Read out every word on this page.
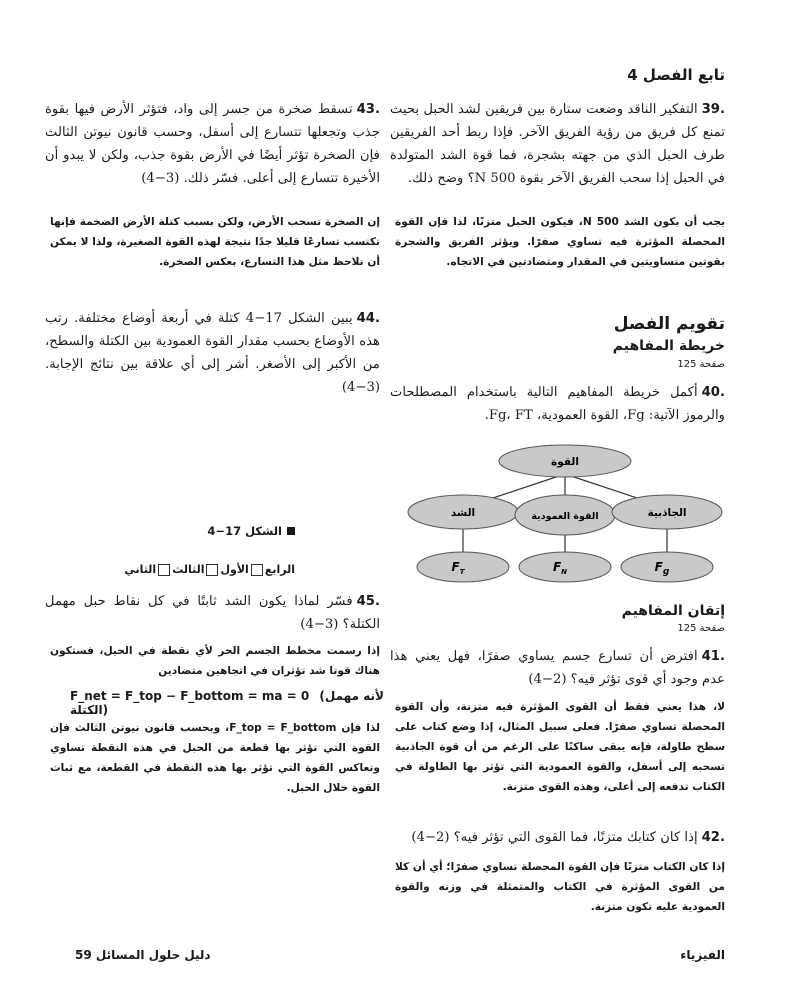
تابع الفصل 4
.39التفكير الناقد وضعت ستارة بين فريقين لشد الحبل بحيث تمنع كل فريق من رؤية الفريق الآخر. فإذا ربط أحد الفريقين طرف الحبل الذي من جهته بشجرة، فما قوة الشد المتولدة في الحبل إذا سحب الفريق الآخر بقوة N 500؟ وضح ذلك.
يجب أن يكون الشد N 500، فيكون الحبل متزنًا، لذا فإن القوة المحصلة المؤثرة فيه تساوي صفرًا. ويؤثر الفريق والشجرة بقوتين متساويتين في المقدار ومتضادتين في الاتجاه.
تقويم الفصل
خريطة المفاهيم
صفحة 125
.40أكمل خريطة المفاهيم التالية باستخدام المصطلحات والرموز الآتية: Fg، القوة العمودية، Fg، FT.
القوة
الشد	القوة العمودية	الجاذبية
$F_T$	$F_N$	$F_g$
إتقان المفاهيم
صفحة 125
.41افترض أن تسارع جسم يساوي صفرًا، فهل يعني هذا عدم وجود أي قوى تؤثر فيه؟ (2−4)
لا، هذا يعني فقط أن القوى المؤثرة فيه متزنة، وأن القوة المحصلة تساوي صفرًا. فعلى سبيل المثال، إذا وضع كتاب على سطح طاولة، فإنه يبقى ساكنًا على الرغم من أن قوة الجاذبية تسحبه إلى أسفل، والقوة العمودية التي تؤثر بها الطاولة في الكتاب تدفعه إلى أعلى، وهذه القوى متزنة.
.42إذا كان كتابك متزنًا، فما القوى التي تؤثر فيه؟ (2−4)
إذا كان الكتاب متزنًا فإن القوة المحصلة تساوي صفرًا؛ أي أن كلا من القوى المؤثرة في الكتاب والمتمثلة في وزنه والقوة العمودية عليه تكون متزنة.
.43تسقط صخرة من جسر إلى واد، فتؤثر الأرض فيها بقوة جذب وتجعلها تتسارع إلى أسفل، وحسب قانون نيوتن الثالث فإن الصخرة تؤثر أيضًا في الأرض بقوة جذب، ولكن لا يبدو أن الأخيرة تتسارع إلى أعلى. فسّر ذلك. (3−4)
إن الصخرة تسحب الأرض، ولكن بسبب كتلة الأرض الضخمة فإنها تكتسب تسارعًا قليلا جدًا نتيجة لهذه القوة الصغيرة، ولذا لا يمكن أن نلاحظ مثل هذا التسارع، بعكس الصخرة.
.44يبين الشكل 17−4 كتلة في أربعة أوضاع مختلفة. رتب هذه الأوضاع بحسب مقدار القوة العمودية بين الكتلة والسطح، من الأكبر إلى الأصغر. أشر إلى أي علاقة بين نتائج الإجابة. (3−4)
الشكل 17−4
الرابعالأولالثالثالثاني
.45فسّر لماذا يكون الشد ثابتًا في كل نقاط حبل مهمل الكتلة؟ (3−4)
إذا رسمت مخطط الجسم الحر لأي نقطة في الحبل، فستكون هناك قوتا شد تؤثران في اتجاهين متضادين
F_net = F_top − F_bottom = ma = 0 (لأنه مهمل الكتلة)
لذا فإن F_top = F_bottom، وبحسب قانون نيوتن الثالث فإن القوة التي تؤثر بها قطعة من الحبل في هذه النقطة تساوي وتعاكس القوة التي تؤثر بها هذه النقطة في القطعة، مع ثبات القوة خلال الحبل.
الفيزياء
دليل حلول المسائل 59
